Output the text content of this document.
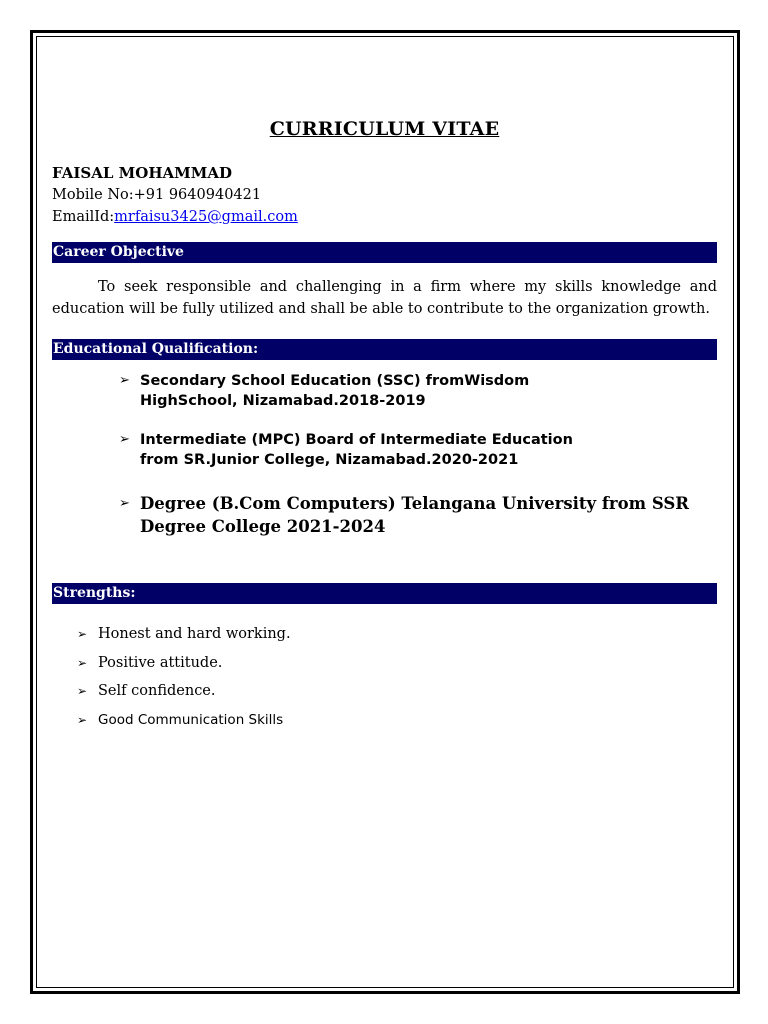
CURRICULUM VITAE

FAISAL MOHAMMAD

Mobile No:+91 9640940421

EmailId:mrfaisu3425@gmail.com

Career Objective

To seek responsible and challenging in a firm where my skills knowledge and education will be fully utilized and shall be able to contribute to the organization growth.

Educational Qualification:
➢ Secondary School Education (SSC) fromWisdom HighSchool, Nizamabad.2018-2019
➢ Intermediate (MPC) Board of Intermediate Education from SR.Junior College, Nizamabad.2020-2021
➢ Degree (B.Com Computers) Telangana University from SSR Degree College 2021-2024
Strengths:
➢ Honest and hard working.
➢ Positive attitude.
➢ Self confidence.
➢ Good Communication Skills
